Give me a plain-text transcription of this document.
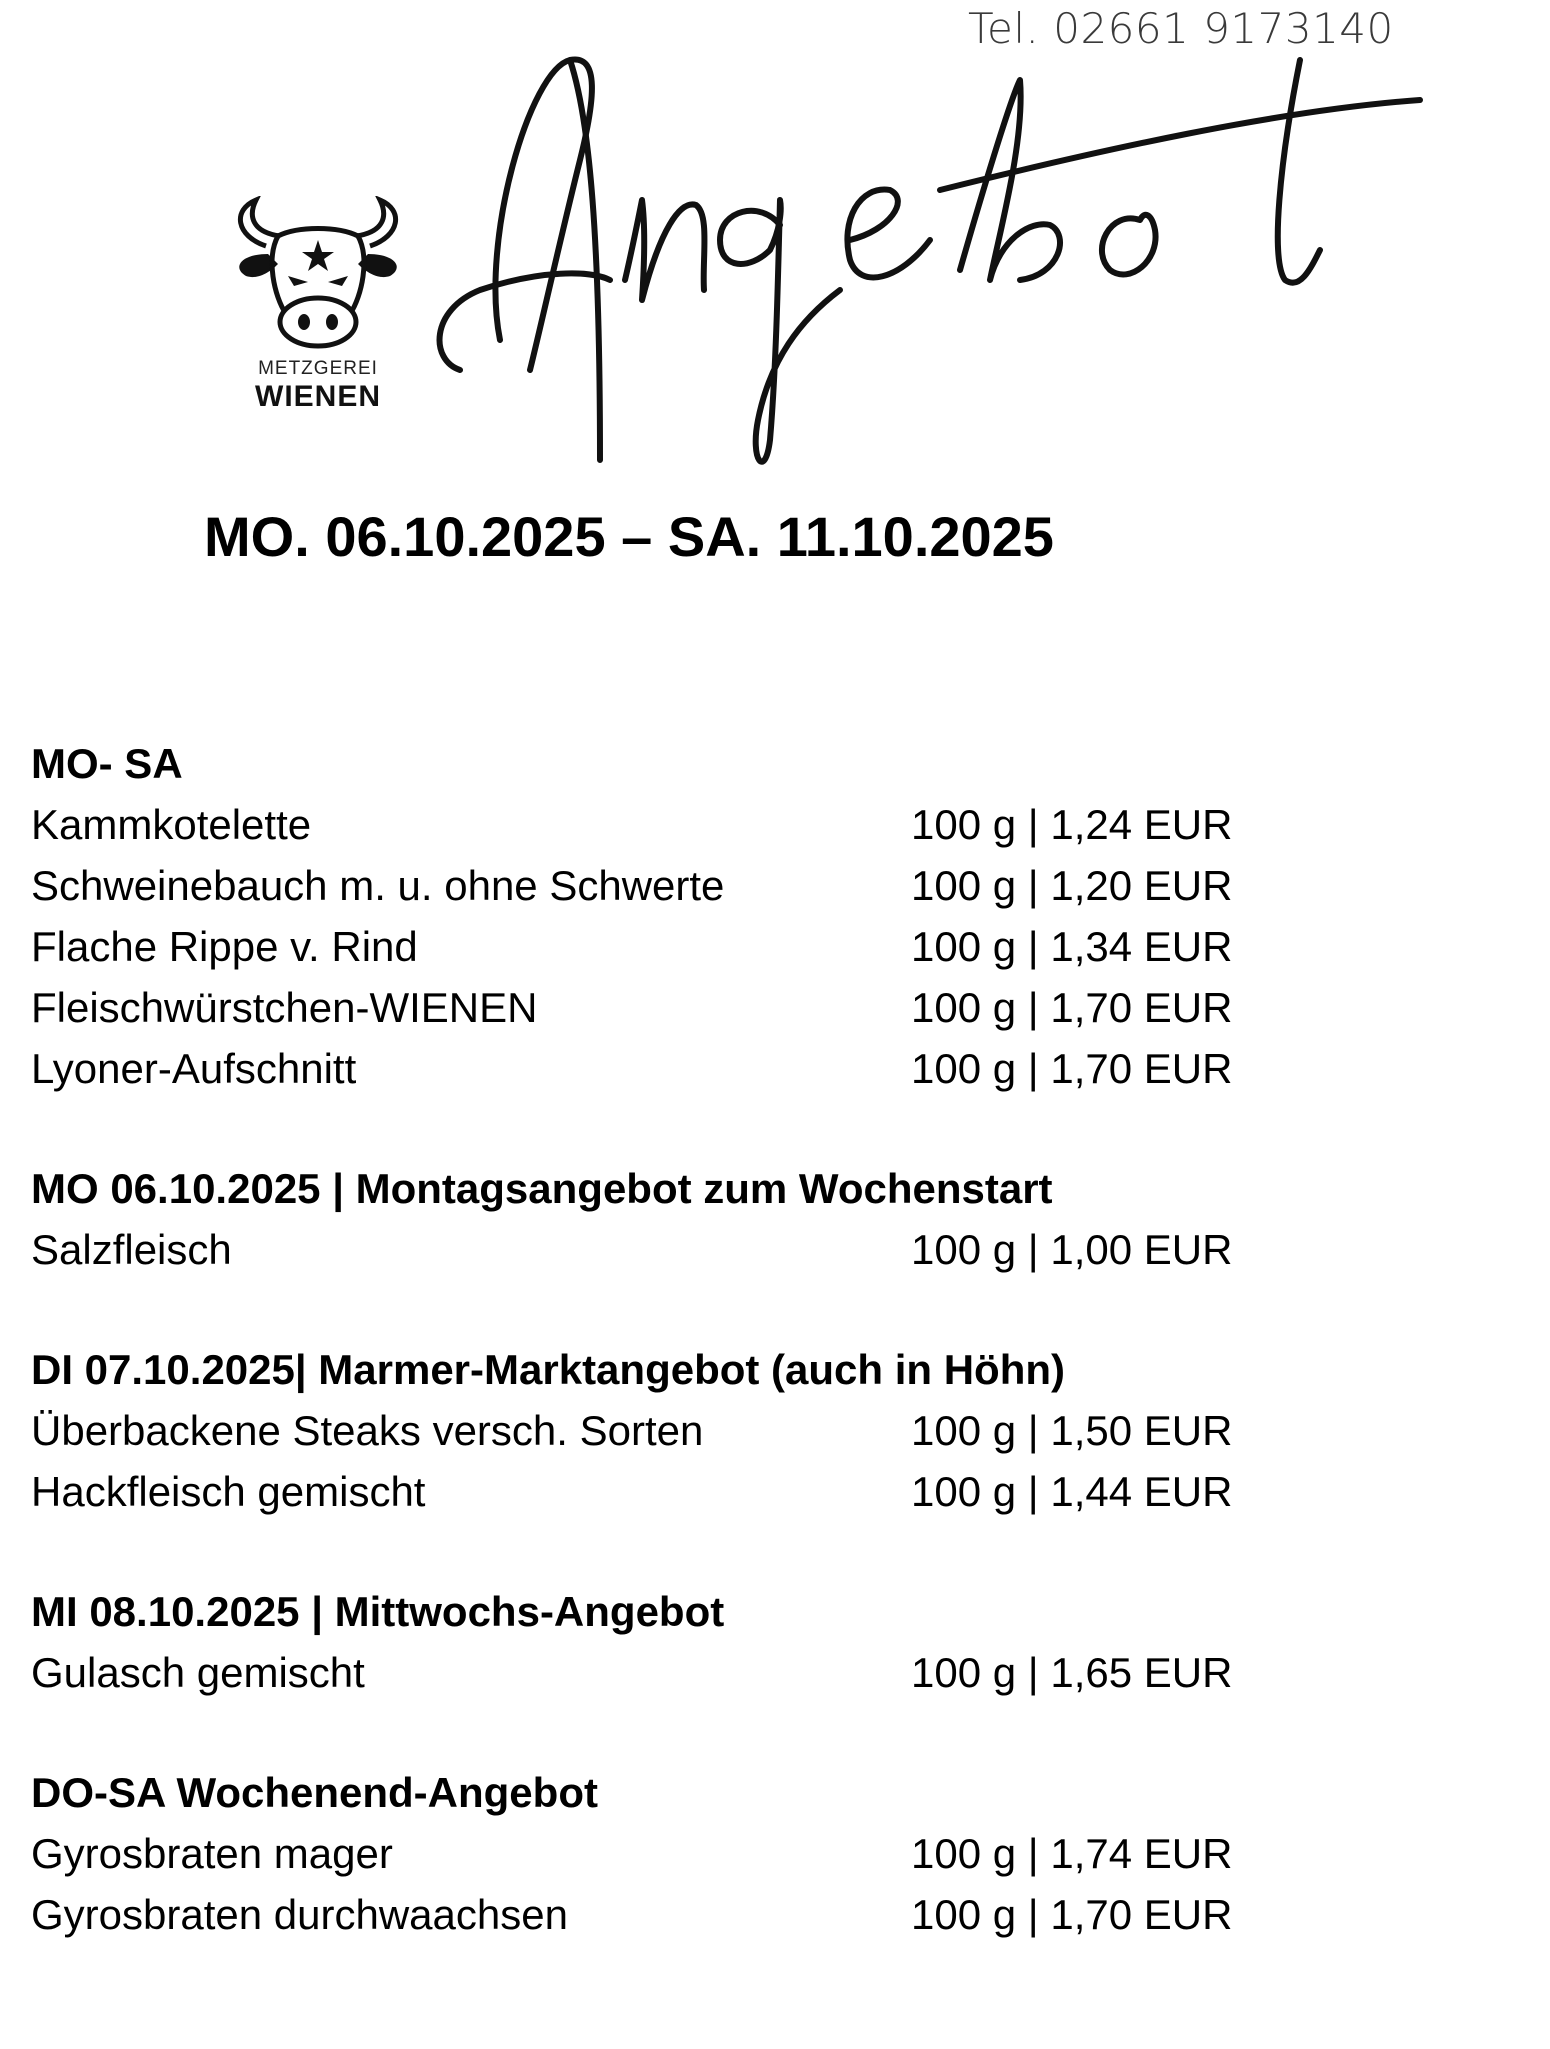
Tel. 02661 9173140
METZGEREI
WIENEN
MO. 06.10.2025 – SA. 11.10.2025
MO- SA
Kammkotelette	100 g | 1,24 EUR
Schweinebauch m. u. ohne Schwerte	100 g | 1,20 EUR
Flache Rippe v. Rind	100 g | 1,34 EUR
Fleischwürstchen-WIENEN	100 g | 1,70 EUR
Lyoner-Aufschnitt	100 g | 1,70 EUR
MO 06.10.2025 | Montagsangebot zum Wochenstart
Salzfleisch	100 g | 1,00 EUR
DI 07.10.2025| Marmer-Marktangebot (auch in Höhn)
Überbackene Steaks versch. Sorten	100 g | 1,50 EUR
Hackfleisch gemischt	100 g | 1,44 EUR
MI 08.10.2025 | Mittwochs-Angebot
Gulasch gemischt	100 g | 1,65 EUR
DO-SA Wochenend-Angebot
Gyrosbraten mager	100 g | 1,74 EUR
Gyrosbraten durchwaachsen	100 g | 1,70 EUR
